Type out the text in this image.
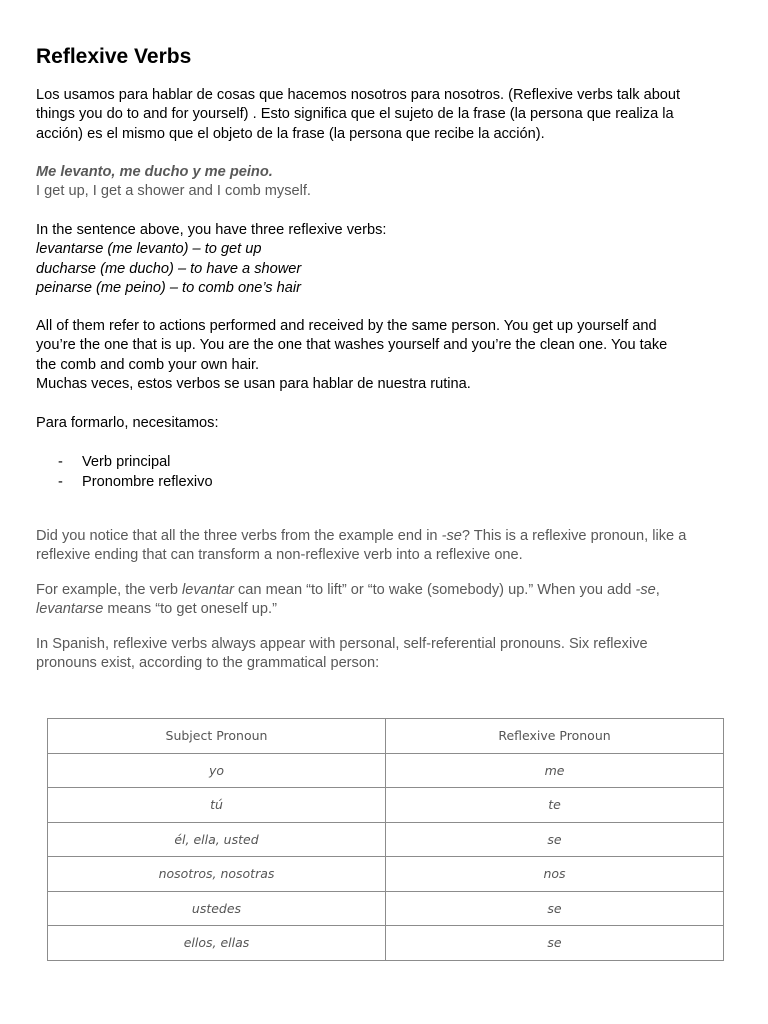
Reflexive Verbs

Los usamos para hablar de cosas que hacemos nosotros para nosotros. (Reflexive verbs talk about
things you do to and for yourself) . Esto significa que el sujeto de la frase (la persona que realiza la
acción) es el mismo que el objeto de la frase (la persona que recibe la acción).

Me levanto, me ducho y me peino.
I get up, I get a shower and I comb myself.

In the sentence above, you have three reflexive verbs:
levantarse (me levanto) – to get up
ducharse (me ducho) – to have a shower
peinarse (me peino) – to comb one’s hair

All of them refer to actions performed and received by the same person. You get up yourself and
you’re the one that is up. You are the one that washes yourself and you’re the clean one. You take
the comb and comb your own hair.
Muchas veces, estos verbos se usan para hablar de nuestra rutina.

Para formarlo, necesitamos:

- Verb principal
- Pronombre reflexivo

Did you notice that all the three verbs from the example end in -se? This is a reflexive pronoun, like a
reflexive ending that can transform a non-reflexive verb into a reflexive one.

For example, the verb levantar can mean “to lift” or “to wake (somebody) up.” When you add -se,
levantarse means “to get oneself up.”

In Spanish, reflexive verbs always appear with personal, self-referential pronouns. Six reflexive
pronouns exist, according to the grammatical person:

Subject Pronoun	Reflexive Pronoun
yo	me
tú	te
él, ella, usted	se
nosotros, nosotras	nos
ustedes	se
ellos, ellas	se
